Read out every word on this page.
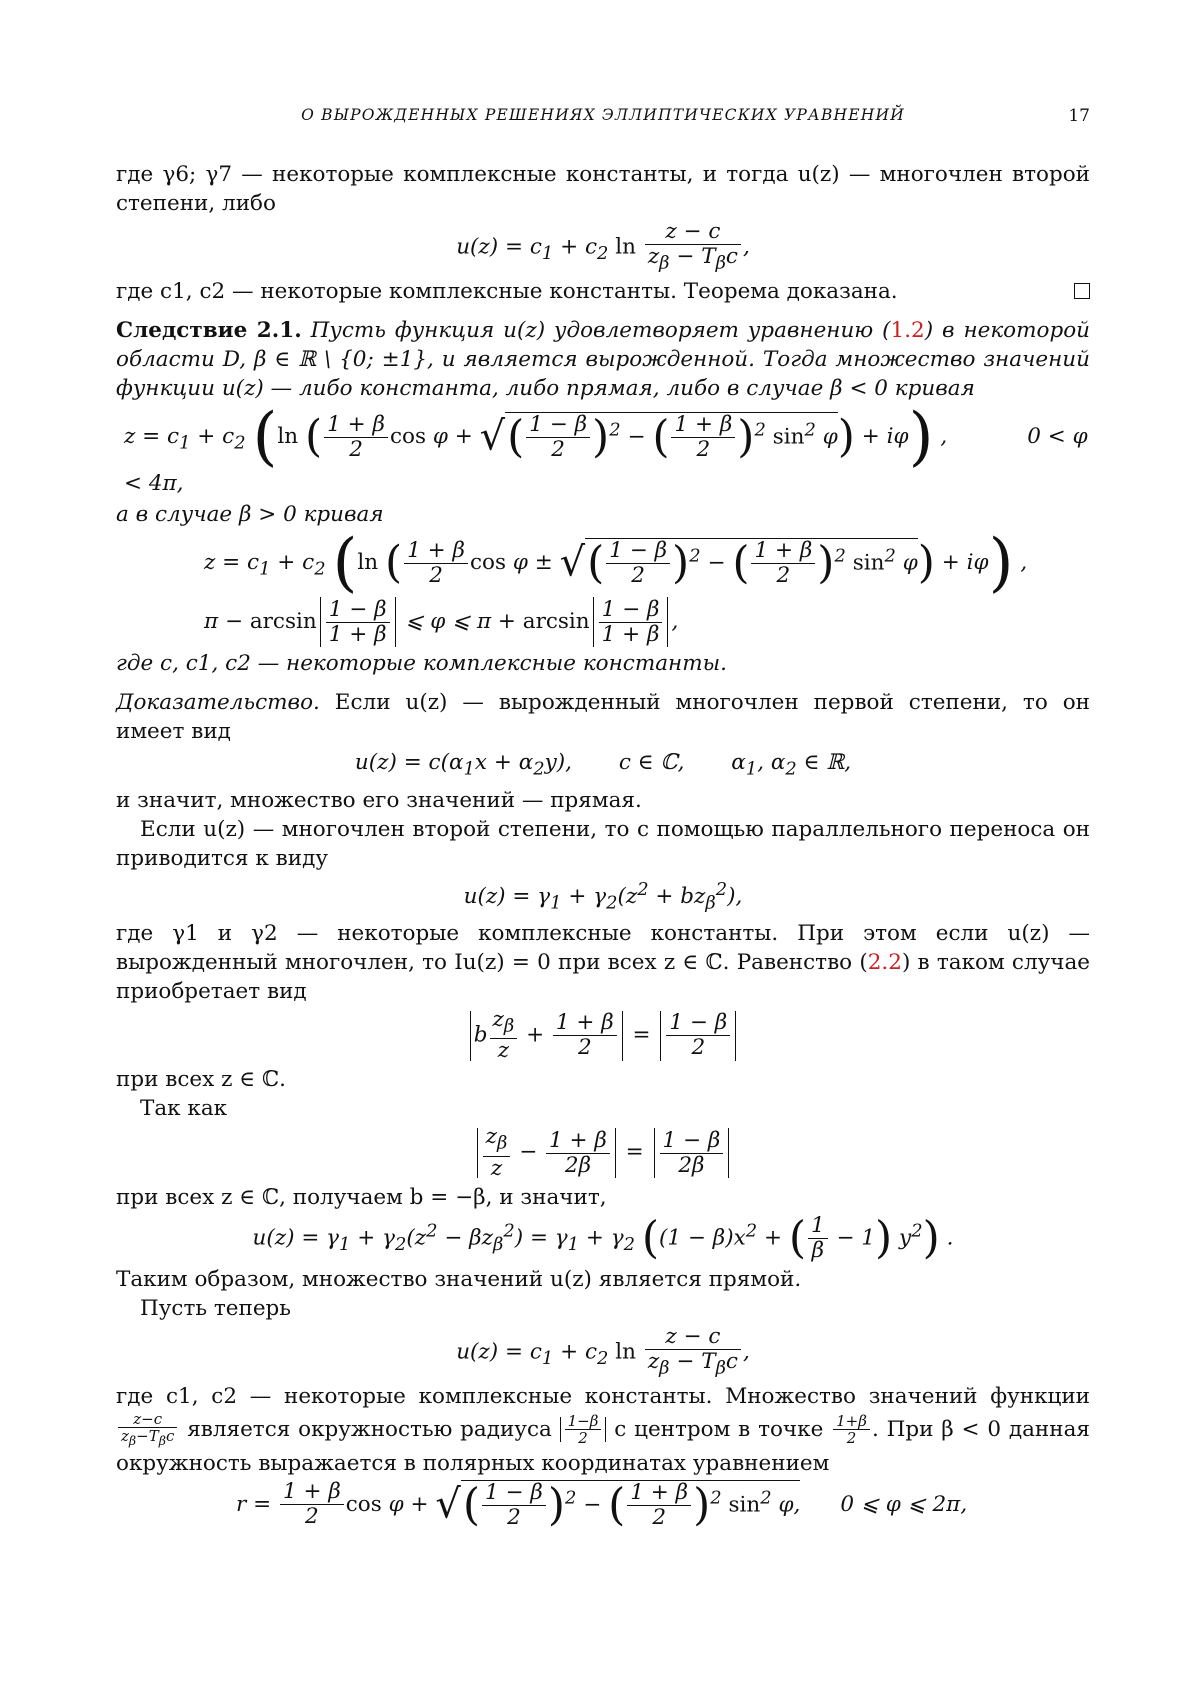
О ВЫРОЖДЕННЫХ РЕШЕНИЯХ ЭЛЛИПТИЧЕСКИХ УРАВНЕНИЙ	17

где γ6; γ7 — некоторые комплексные константы, и тогда u(z) — многочлен второй степени, либо

$u(z) = c_1 + c_2$ $\ln \frac{z - c}{z_\beta - T_\beta c}$ ,

где c1, c2 — некоторые комплексные константы. Теорема доказана.

Следствие 2.1. Пусть функция u(z) удовлетворяет уравнению (1.2) в некоторой области D, β ∈ ℝ \ {0; ±1}, и является вырожденной. Тогда множество значений функции u(z) — либо константа, либо прямая, либо в случае β < 0 кривая

$z = c_1 + c_2$ (ln ( $\frac{1 + \beta}{2}$ cos φ + √( $\frac{1 - \beta}{2} )^2$ − ( $\frac{1 + \beta}{2} )^2$ $\sin^2 \varphi) + i\varphi$) ,	0 < φ < 4π,

а в случае β > 0 кривая

$z = c_1 + c_2$ (ln ( $\frac{1 + \beta}{2}$ cos φ ± √( $\frac{1 - \beta}{2} )^2$ − ( $\frac{1 + \beta}{2} )^2$ $\sin^2 \varphi) + i\varphi$) ,
$\pi - \arcsin \frac{1 - \beta}{1 + \beta}$ ⩽ φ ⩽ $\pi + \arcsin \frac{1 - \beta}{1 + \beta}$ ,

где c, c1, c2 — некоторые комплексные константы.

Доказательство. Если u(z) — вырожденный многочлен первой степени, то он имеет вид

$u(z) = c(\alpha_1x + \alpha_2y)$, c ∈ ℂ, $\alpha_1$, $\alpha_2$ ∈ ℝ,

и значит, множество его значений — прямая.

Если u(z) — многочлен второй степени, то с помощью параллельного переноса он приводится к виду

$u(z) = \gamma_1 + \gamma_2(z^2 + bz_\beta^2)$,

где γ1 и γ2 — некоторые комплексные константы. При этом если u(z) — вырожденный многочлен, то Iu(z) = 0 при всех z ∈ ℂ. Равенство (2.2) в таком случае приобретает вид

b $\frac{z_\beta}{z} + \frac{1 + \beta}{2} = \frac{1 - \beta}{2}$

при всех z ∈ ℂ.

Так как

$\frac{z_\beta}{z} - \frac{1 + \beta}{2\beta} = \frac{1 - \beta}{2\beta}$

при всех z ∈ ℂ, получаем b = −β, и значит,

$u(z) = \gamma_1 + \gamma_2(z^2 - \beta z_\beta^2) = \gamma_1 + \gamma_2$ ($(1 - \beta)x^2$ + ( $\frac{1}{\beta} - 1$) $y^2$) .

Таким образом, множество значений u(z) является прямой.

Пусть теперь

$u(z) = c_1 + c_2$ $\ln \frac{z - c}{z_\beta - T_\beta c}$ ,

где c1, c2 — некоторые комплексные константы. Множество значений функции
$\frac{z-c}{z_\beta-T_\beta c}$ является окружностью радиуса $\frac{1-\beta}{2}$ с центром в точке $\frac{1+\beta}{2}$ . При β < 0 данная окружность выражается в полярных координатах уравнением

$r = \frac{1 + \beta}{2}$ cos φ + √( $\frac{1 - \beta}{2} )^2$ − ( $\frac{1 + \beta}{2} )^2$ $\sin^2 \varphi$, 0 ⩽ φ ⩽ 2π,
